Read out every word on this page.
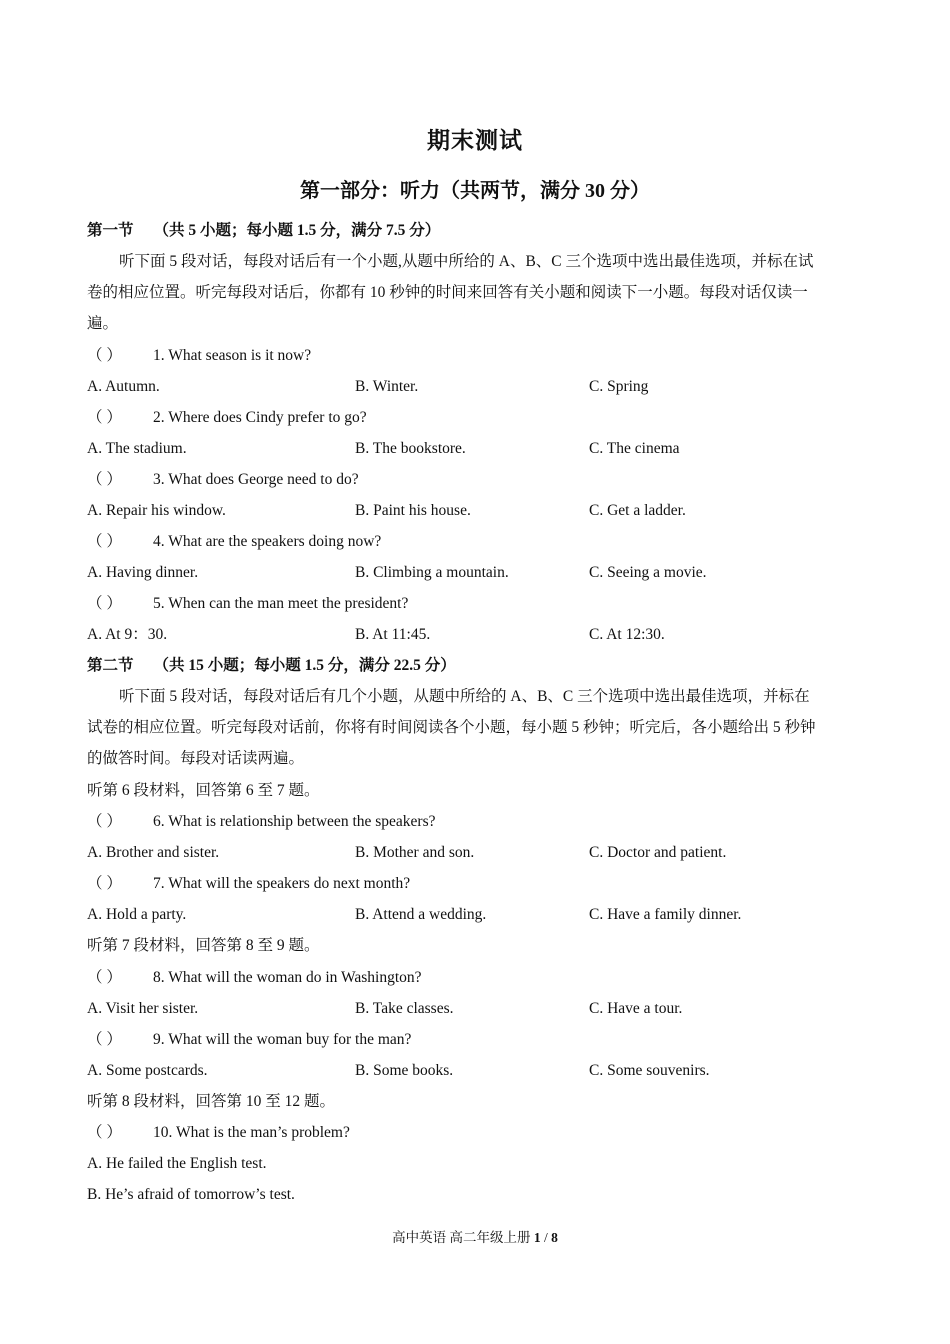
期末测试
第一部分：听力（共两节，满分 30 分）
第一节 （共 5 小题；每小题 1.5 分，满分 7.5 分）
听下面 5 段对话，每段对话后有一个小题,从题中所给的 A、B、C 三个选项中选出最佳选项，并标在试
卷的相应位置。听完每段对话后，你都有 10 秒钟的时间来回答有关小题和阅读下一小题。每段对话仅读一
遍。
（ ） 1. What season is it now?
A. Autumn.	B. Winter.	C. Spring
（ ） 2. Where does Cindy prefer to go?
A. The stadium.	B. The bookstore.	C. The cinema
（ ） 3. What does George need to do?
A. Repair his window.	B. Paint his house.	C. Get a ladder.
（ ） 4. What are the speakers doing now?
A. Having dinner.	B. Climbing a mountain.	C. Seeing a movie.
（ ） 5. When can the man meet the president?
A. At 9：30.	B. At 11:45.	C. At 12:30.
第二节 （共 15 小题；每小题 1.5 分，满分 22.5 分）
听下面 5 段对话，每段对话后有几个小题，从题中所给的 A、B、C 三个选项中选出最佳选项，并标在
试卷的相应位置。听完每段对话前，你将有时间阅读各个小题，每小题 5 秒钟；听完后，各小题给出 5 秒钟
的做答时间。每段对话读两遍。
听第 6 段材料，回答第 6 至 7 题。
（ ） 6. What is relationship between the speakers?
A. Brother and sister.	B. Mother and son.	C. Doctor and patient.
（ ） 7. What will the speakers do next month?
A. Hold a party.	B. Attend a wedding.	C. Have a family dinner.
听第 7 段材料，回答第 8 至 9 题。
（ ） 8. What will the woman do in Washington?
A. Visit her sister.	B. Take classes.	C. Have a tour.
（ ） 9. What will the woman buy for the man?
A. Some postcards.	B. Some books.	C. Some souvenirs.
听第 8 段材料，回答第 10 至 12 题。
（ ） 10. What is the man’s problem?
A. He failed the English test.
B. He’s afraid of tomorrow’s test.
高中英语 高二年级上册 1 / 8
